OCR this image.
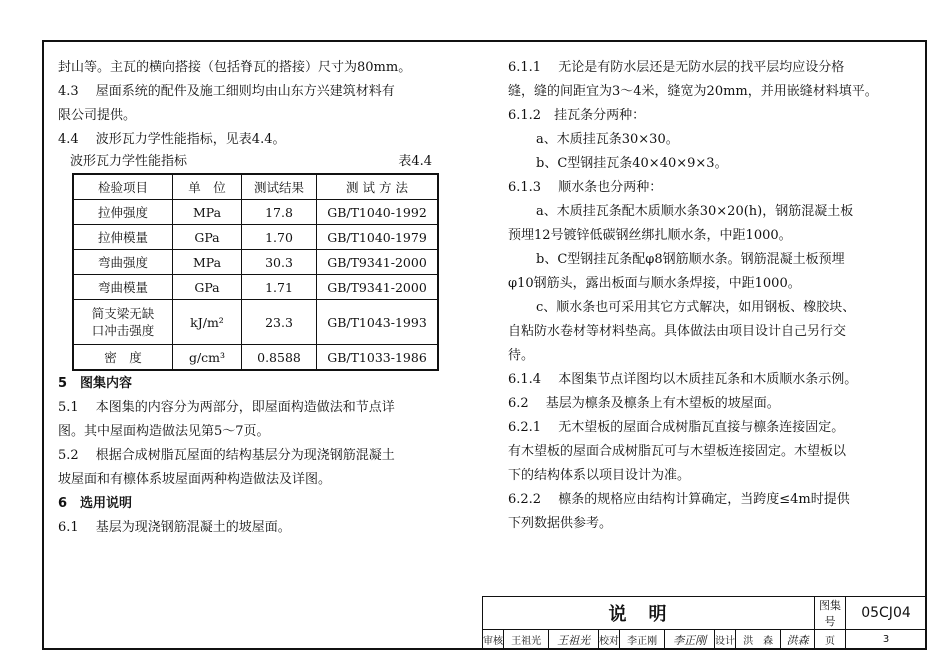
封山等。主瓦的横向搭接（包括脊瓦的搭接）尺寸为80mm。

4.3　 屋面系统的配件及施工细则均由山东方兴建筑材料有

限公司提供。

4.4　 波形瓦力学性能指标，见表4.4。

波形瓦力学性能指标	表4.4
检验项目	单　位	测试结果	测 试 方 法
拉伸强度	MPa	17.8	GB/T1040-1992
拉伸模量	GPa	1.70	GB/T1040-1979
弯曲强度	MPa	30.3	GB/T9341-2000
弯曲模量	GPa	1.71	GB/T9341-2000
简支梁无缺
口冲击强度	kJ/m²	23.3	GB/T1043-1993
密　度	g/cm³	0.8588	GB/T1033-1986

5　图集内容

5.1　 本图集的内容分为两部分，即屋面构造做法和节点详

图。其中屋面构造做法见第5～7页。

5.2　 根据合成树脂瓦屋面的结构基层分为现浇钢筋混凝土

坡屋面和有檩体系坡屋面两种构造做法及详图。

6　选用说明

6.1　 基层为现浇钢筋混凝土的坡屋面。

6.1.1　 无论是有防水层还是无防水层的找平层均应设分格

缝，缝的间距宜为3～4米，缝宽为20mm，并用嵌缝材料填平。

6.1.2　挂瓦条分两种：

a、木质挂瓦条30×30。

b、C型钢挂瓦条40×40×9×3。

6.1.3　 顺水条也分两种：

a、木质挂瓦条配木质顺水条30×20(h)，钢筋混凝土板

预埋12号镀锌低碳钢丝绑扎顺水条，中距1000。

b、C型钢挂瓦条配φ8钢筋顺水条。钢筋混凝土板预埋

φ10钢筋头，露出板面与顺水条焊接，中距1000。

c、顺水条也可采用其它方式解决，如用钢板、橡胶块、

自粘防水卷材等材料垫高。具体做法由项目设计自己另行交

待。

6.1.4　 本图集节点详图均以木质挂瓦条和木质顺水条示例。

6.2　 基层为檩条及檩条上有木望板的坡屋面。

6.2.1　 无木望板的屋面合成树脂瓦直接与檩条连接固定。

有木望板的屋面合成树脂瓦可与木望板连接固定。木望板以

下的结构体系以项目设计为准。

6.2.2　 檩条的规格应由结构计算确定，当跨度≤4m时提供

下列数据供参考。

说明									图集号	05CJ04
审核	王祖光	王祖光	校对	李正刚	李正刚	设计	洪　森	洪森	页	3
